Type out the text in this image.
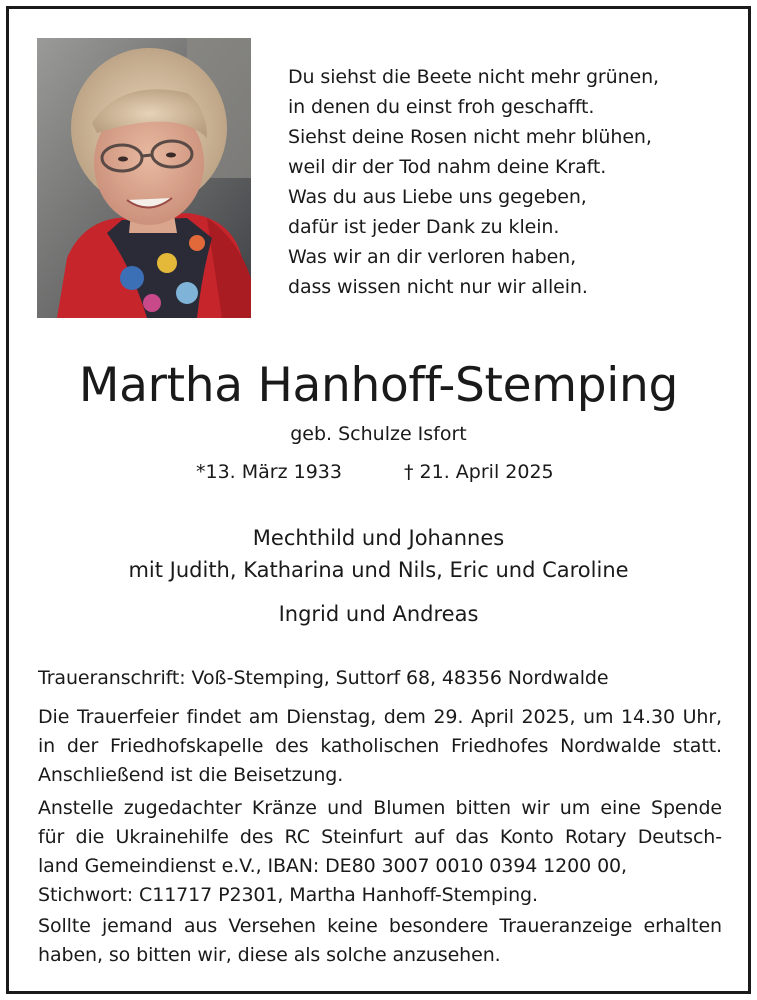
Du siehst die Beete nicht mehr grünen,
in denen du einst froh geschafft.
Siehst deine Rosen nicht mehr blühen,
weil dir der Tod nahm deine Kraft.
Was du aus Liebe uns gegeben,
dafür ist jeder Dank zu klein.
Was wir an dir verloren haben,
dass wissen nicht nur wir allein.
Martha Hanhoff-Stemping
geb. Schulze Isfort
*13. März 1933	† 21. April 2025
Mechthild und Johannes
mit Judith, Katharina und Nils, Eric und Caroline
Ingrid und Andreas
Traueranschrift: Voß-Stemping, Suttorf 68, 48356 Nordwalde
Die Trauerfeier findet am Dienstag, dem 29. April 2025, um 14.30 Uhr,
in der Friedhofskapelle des katholischen Friedhofes Nordwalde statt.
Anschließend ist die Beisetzung.
Anstelle zugedachter Kränze und Blumen bitten wir um eine Spende
für die Ukrainehilfe des RC Steinfurt auf das Konto Rotary Deutsch-
land Gemeindienst e.V., IBAN: DE80 3007 0010 0394 1200 00,
Stichwort: C11717 P2301, Martha Hanhoff-Stemping.
Sollte jemand aus Versehen keine besondere Traueranzeige erhalten
haben, so bitten wir, diese als solche anzusehen.
